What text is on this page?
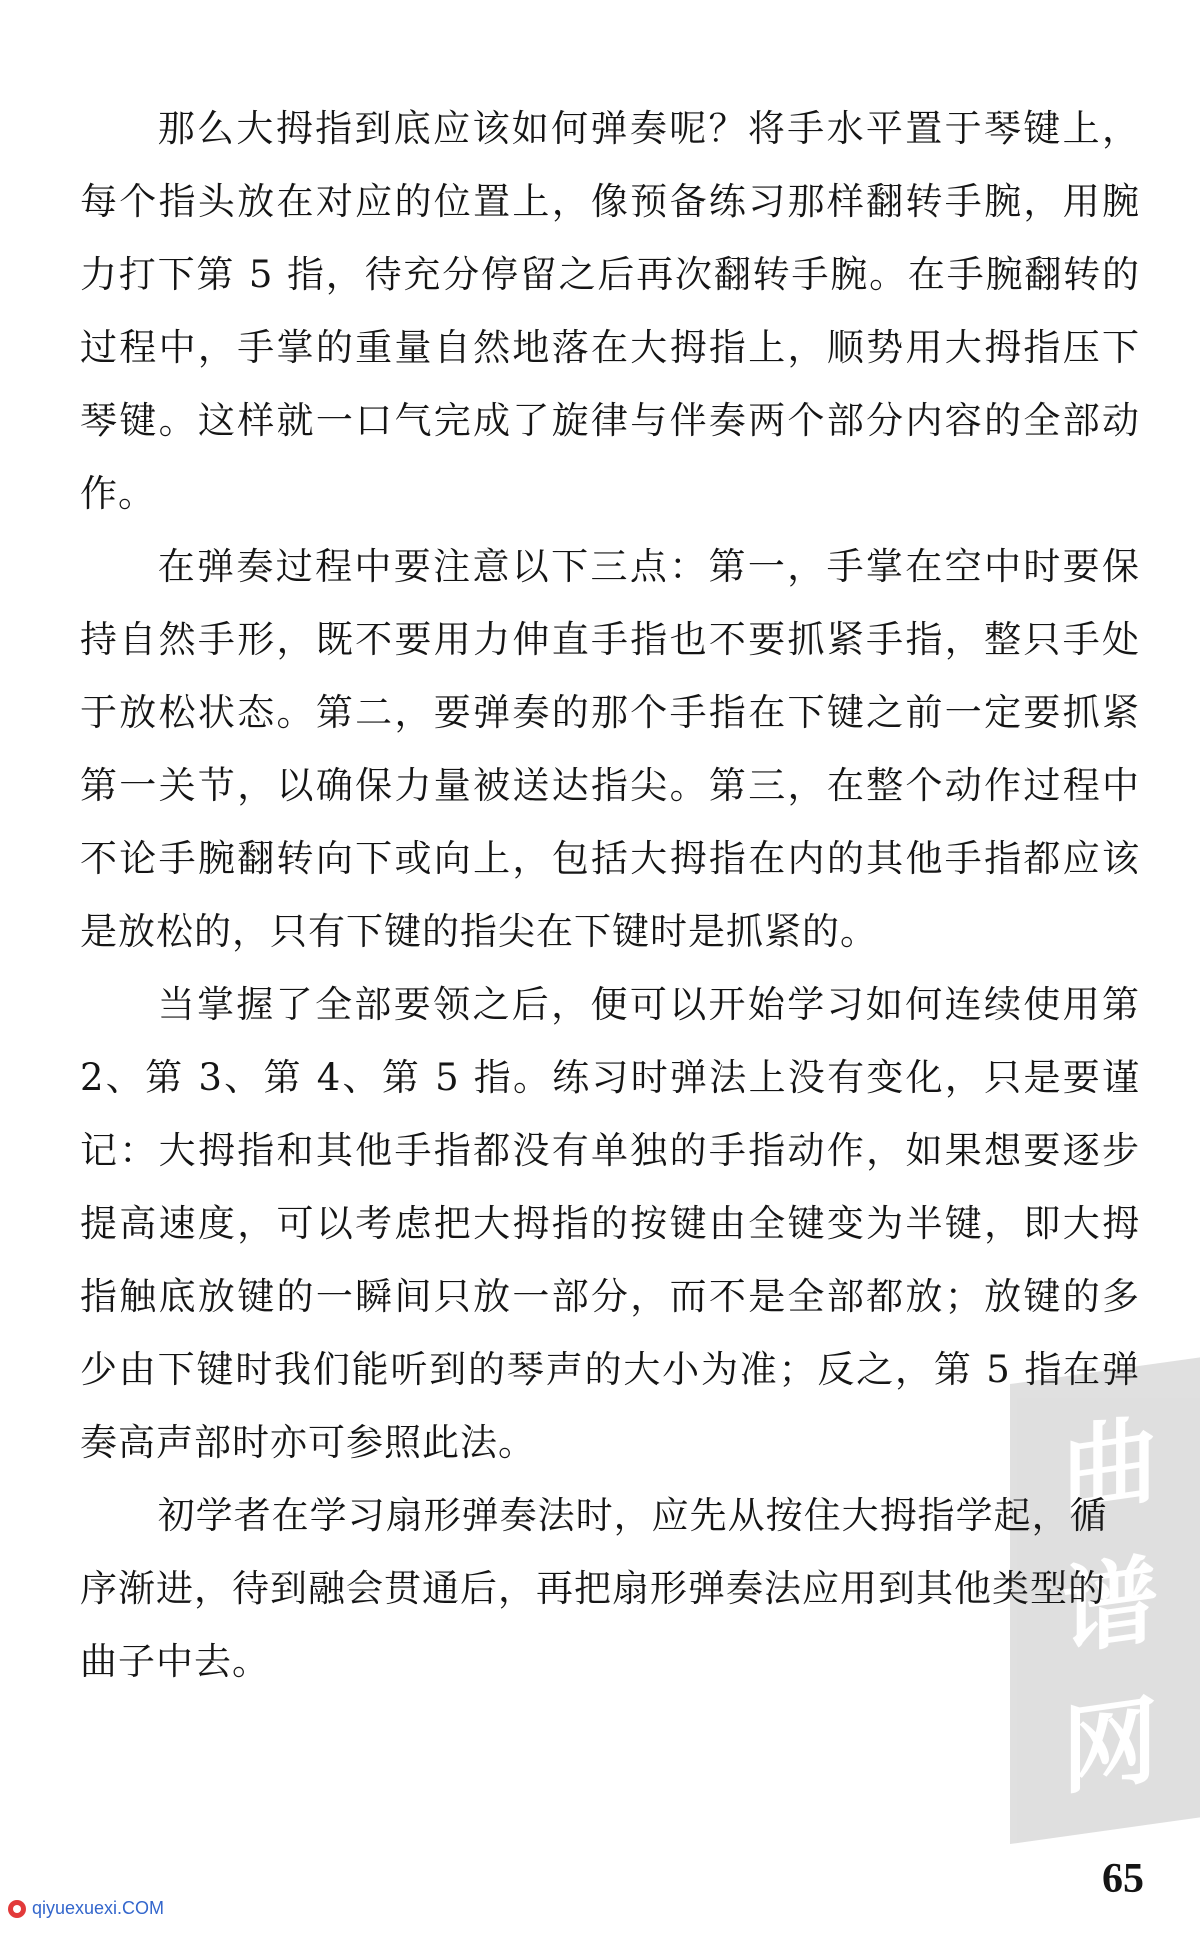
曲
谱
网

那么大拇指到底应该如何弹奏呢？将手水平置于琴键上，每个指头放在对应的位置上，像预备练习那样翻转手腕，用腕力打下第 5 指，待充分停留之后再次翻转手腕。在手腕翻转的过程中，手掌的重量自然地落在大拇指上，顺势用大拇指压下琴键。这样就一口气完成了旋律与伴奏两个部分内容的全部动作。

在弹奏过程中要注意以下三点：第一，手掌在空中时要保持自然手形，既不要用力伸直手指也不要抓紧手指，整只手处于放松状态。第二，要弹奏的那个手指在下键之前一定要抓紧第一关节，以确保力量被送达指尖。第三，在整个动作过程中不论手腕翻转向下或向上，包括大拇指在内的其他手指都应该是放松的，只有下键的指尖在下键时是抓紧的。

当掌握了全部要领之后，便可以开始学习如何连续使用第 2、第 3、第 4、第 5 指。练习时弹法上没有变化，只是要谨记：大拇指和其他手指都没有单独的手指动作，如果想要逐步提高速度，可以考虑把大拇指的按键由全键变为半键，即大拇指触底放键的一瞬间只放一部分，而不是全部都放；放键的多少由下键时我们能听到的琴声的大小为准；反之，第 5 指在弹奏高声部时亦可参照此法。

初学者在学习扇形弹奏法时，应先从按住大拇指学起，循序渐进，待到融会贯通后，再把扇形弹奏法应用到其他类型的曲子中去。

65
qiyuexuexi.COM
